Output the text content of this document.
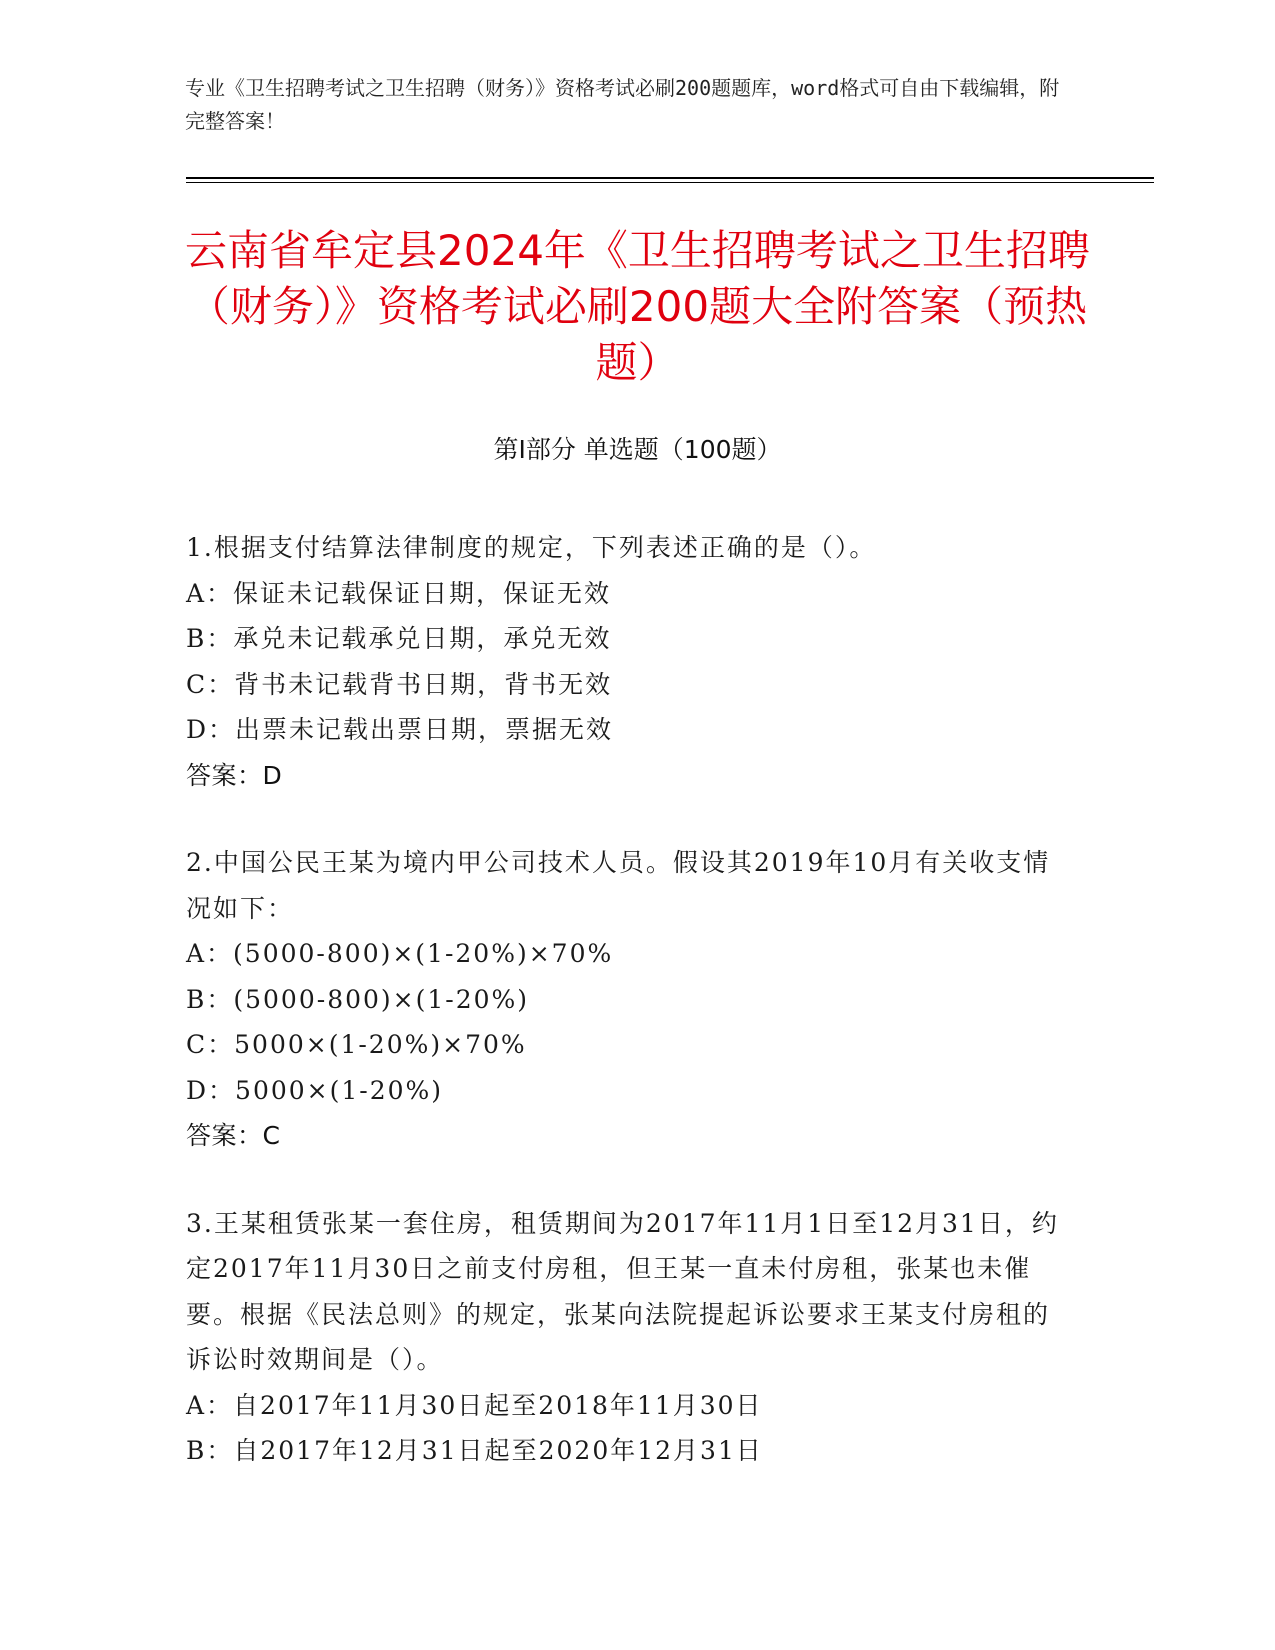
专业《卫生招聘考试之卫生招聘（财务）》资格考试必刷200题题库，word格式可自由下载编辑，附完整答案！
云南省牟定县2024年《卫生招聘考试之卫生招聘（财务）》资格考试必刷200题大全附答案（预热题）
第Ⅰ部分 单选题（100题）
1.根据支付结算法律制度的规定，下列表述正确的是（）。
A：保证未记载保证日期，保证无效
B：承兑未记载承兑日期，承兑无效
C：背书未记载背书日期，背书无效
D：出票未记载出票日期，票据无效
答案：D
2.中国公民王某为境内甲公司技术人员。假设其2019年10月有关收支情况如下：
A：(5000-800)×(1-20%)×70%
B：(5000-800)×(1-20%)
C：5000×(1-20%)×70%
D：5000×(1-20%)
答案：C
3.王某租赁张某一套住房，租赁期间为2017年11月1日至12月31日，约定2017年11月30日之前支付房租，但王某一直未付房租，张某也未催要。根据《民法总则》的规定，张某向法院提起诉讼要求王某支付房租的诉讼时效期间是（）。
A：自2017年11月30日起至2018年11月30日
B：自2017年12月31日起至2020年12月31日
